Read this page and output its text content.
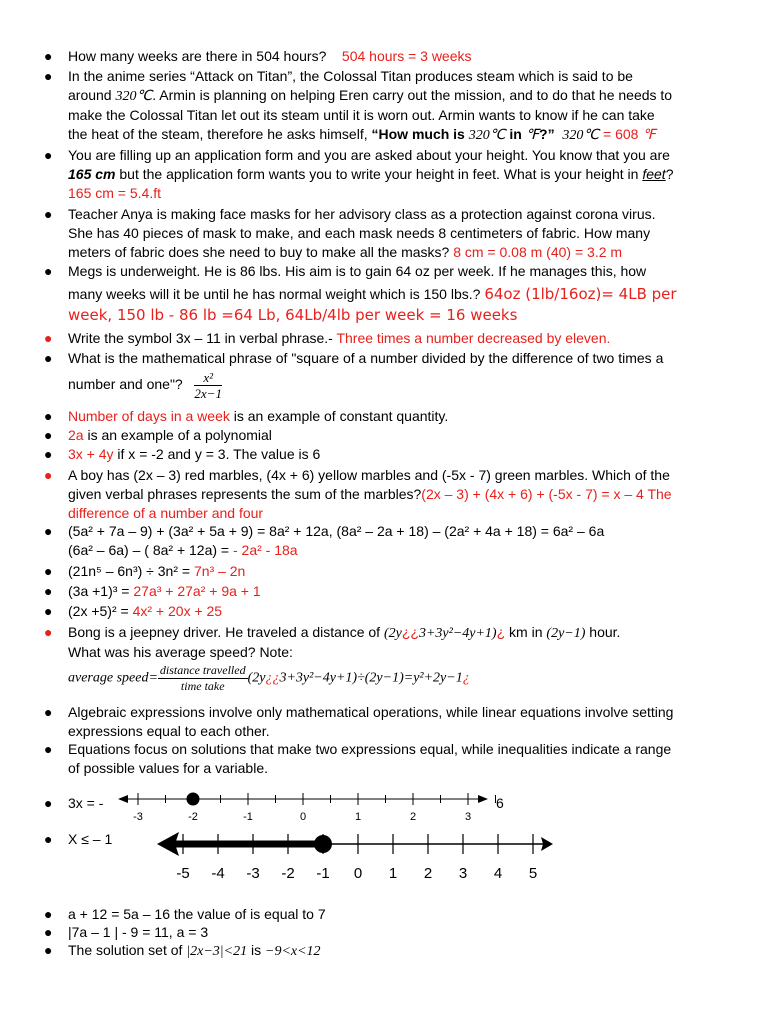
● How many weeks are there in 504 hours? 504 hours = 3 weeks
● In the anime series “Attack on Titan”, the Colossal Titan produces steam which is said to be
around 320℃. Armin is planning on helping Eren carry out the mission, and to do that he needs to
make the Colossal Titan let out its steam until it is worn out. Armin wants to know if he can take
the heat of the steam, therefore he asks himself, “How much is 320℃ in ℉?” 320℃ = 608 ℉
● You are filling up an application form and you are asked about your height. You know that you are
165 cm but the application form wants you to write your height in feet. What is your height in feet?
165 cm = 5.4.ft
● Teacher Anya is making face masks for her advisory class as a protection against corona virus.
She has 40 pieces of mask to make, and each mask needs 8 centimeters of fabric. How many
meters of fabric does she need to buy to make all the masks? 8 cm = 0.08 m (40) = 3.2 m
● Megs is underweight. He is 86 lbs. His aim is to gain 64 oz per week. If he manages this, how
many weeks will it be until he has normal weight which is 150 lbs.? 64oz (1lb/16oz)= 4LB per
week, 150 lb - 86 lb =64 Lb, 64Lb/4lb per week = 16 weeks
● Write the symbol 3x – 11 in verbal phrase.- Three times a number decreased by eleven.
● What is the mathematical phrase of "square of a number divided by the difference of two times a
number and one"? $\frac{\text{x²}}{2x-1}$
● Number of days in a week is an example of constant quantity.
● 2a is an example of a polynomial
● 3x + 4y if x = -2 and y = 3. The value is 6
● A boy has (2x – 3) red marbles, (4x + 6) yellow marbles and (-5x - 7) green marbles. Which of the
given verbal phrases represents the sum of the marbles?(2x – 3) + (4x + 6) + (-5x - 7) = x – 4 The
difference of a number and four
● (5a² + 7a – 9) + (3a² + 5a + 9) = 8a² + 12a, (8a² – 2a + 18) – (2a² + 4a + 18) = 6a² – 6a
(6a² – 6a) – ( 8a² + 12a) = - 2a² - 18a
● (21n⁵ – 6n³) ÷ 3n² = 7n³ – 2n
● (3a +1)³ = 27a³ + 27a² + 9a + 1
● (2x +5)² = 4x² + 20x + 25
● Bong is a jeepney driver. He traveled a distance of (2y¿¿3+3y²−4y+1)¿ km in (2y−1) hour.
What was his average speed? Note:
average speed= $\frac{\text{distance travelled}}{\text{time take}}$ (2y¿¿3+3y²−4y+1)÷(2y−1)=y²+2y−1¿
● Algebraic expressions involve only mathematical operations, while linear equations involve setting
expressions equal to each other.
● Equations focus on solutions that make two expressions equal, while inequalities indicate a range
of possible values for a variable.
● 3x = -	6
-3	-2	-1	0	1	2	3
● X ≤ – 1
-5 -4 -3 -2 -1 0 1 2 3 4 5
● a + 12 = 5a – 16 the value of is equal to 7
● |7a – 1 | - 9 = 11, a = 3
● The solution set of |2x−3|<21 is −9<x<12
